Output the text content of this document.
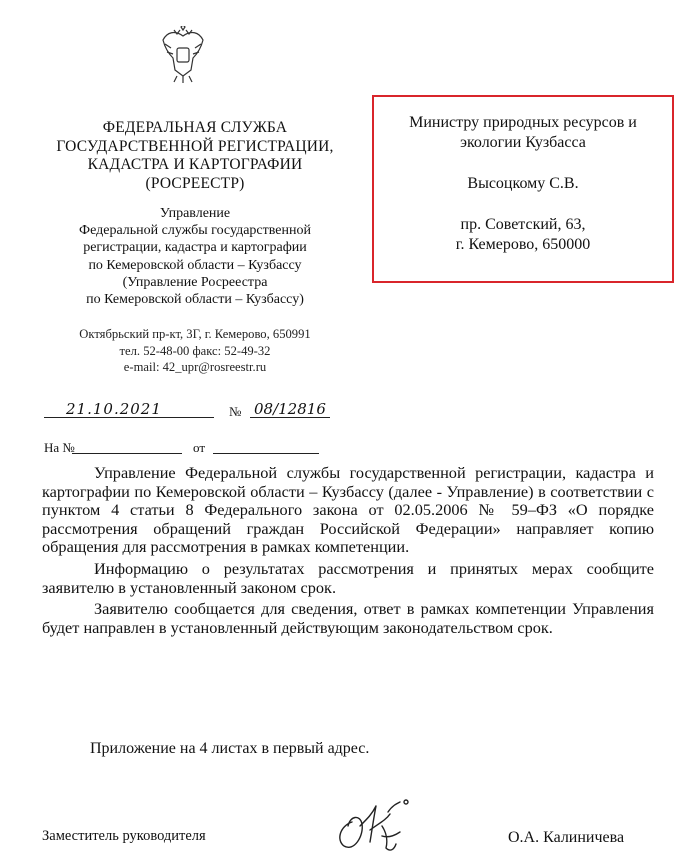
ФЕДЕРАЛЬНАЯ СЛУЖБА
ГОСУДАРСТВЕННОЙ РЕГИСТРАЦИИ,
КАДАСТРА И КАРТОГРАФИИ
(РОСРЕЕСТР)
Управление
Федеральной службы государственной
регистрации, кадастра и картографии
по Кемеровской области – Кузбассу
(Управление Росреестра
по Кемеровской области – Кузбассу)
Октябрьский пр-кт, 3Г, г. Кемерово, 650991
тел. 52-48-00 факс: 52-49-32
e-mail: 42_upr@rosreestr.ru
Министру природных ресурсов и
экологии Кузбасса
Высоцкому С.В.
пр. Советский, 63,
г. Кемерово, 650000
21.10.2021	№ 08/12816
На №	от

Управление Федеральной службы государственной регистрации, кадастра и картографии по Кемеровской области – Кузбассу (далее - Управление) в соответствии с пунктом 4 статьи 8 Федерального закона от 02.05.2006 № 59–ФЗ «О порядке рассмотрения обращений граждан Российской Федерации» направляет копию обращения для рассмотрения в рамках компетенции.

Информацию о результатах рассмотрения и принятых мерах сообщите заявителю в установленный законом срок.

Заявителю сообщается для сведения, ответ в рамках компетенции Управления будет направлен в установленный действующим законодательством срок.

Приложение на 4 листах в первый адрес.
Заместитель руководителя	О.А. Калиничева
